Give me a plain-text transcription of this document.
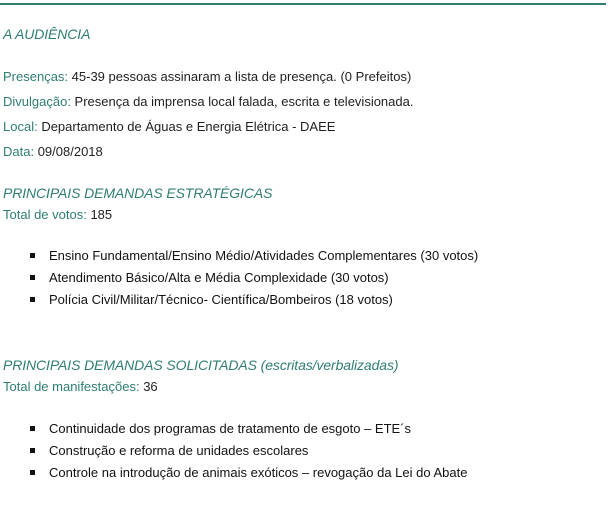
A AUDIÊNCIA
Presenças: 45-39 pessoas assinaram a lista de presença. (0 Prefeitos)
Divulgação: Presença da imprensa local falada, escrita e televisionada.
Local: Departamento de Águas e Energia Elétrica - DAEE
Data: 09/08/2018
PRINCIPAIS DEMANDAS ESTRATÉGICAS
Total de votos: 185
Ensino Fundamental/Ensino Médio/Atividades Complementares (30 votos)
Atendimento Básico/Alta e Média Complexidade (30 votos)
Polícia Civil/Militar/Técnico- Científica/Bombeiros (18 votos)
PRINCIPAIS DEMANDAS SOLICITADAS (escritas/verbalizadas)
Total de manifestações: 36
Continuidade dos programas de tratamento de esgoto – ETE´s
Construção e reforma de unidades escolares
Controle na introdução de animais exóticos – revogação da Lei do Abate
